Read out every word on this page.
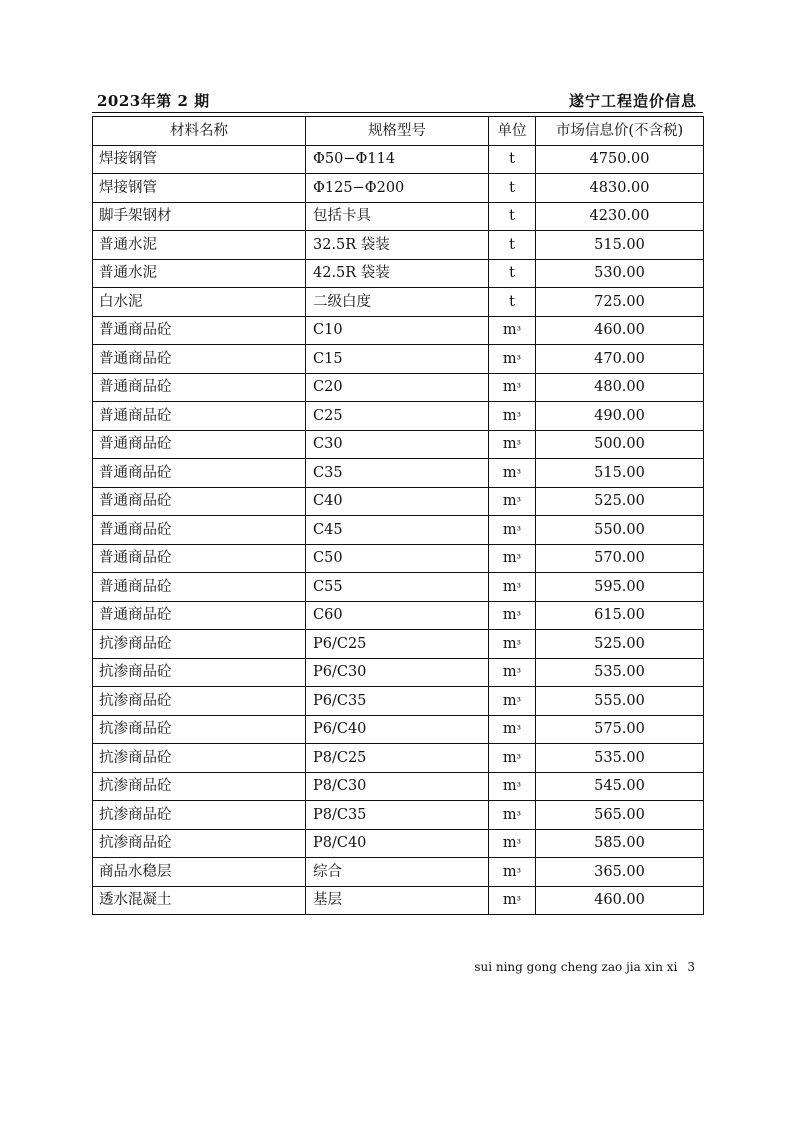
2023年第 2 期	遂宁工程造价信息
材料名称	规格型号	单位	市场信息价(不含税)
焊接钢管	Φ50−Φ114	t	4750.00
焊接钢管	Φ125−Φ200	t	4830.00
脚手架钢材	包括卡具	t	4230.00
普通水泥	32.5R 袋装	t	515.00
普通水泥	42.5R 袋装	t	530.00
白水泥	二级白度	t	725.00
普通商品砼	C10	m³	460.00
普通商品砼	C15	m³	470.00
普通商品砼	C20	m³	480.00
普通商品砼	C25	m³	490.00
普通商品砼	C30	m³	500.00
普通商品砼	C35	m³	515.00
普通商品砼	C40	m³	525.00
普通商品砼	C45	m³	550.00
普通商品砼	C50	m³	570.00
普通商品砼	C55	m³	595.00
普通商品砼	C60	m³	615.00
抗渗商品砼	P6/C25	m³	525.00
抗渗商品砼	P6/C30	m³	535.00
抗渗商品砼	P6/C35	m³	555.00
抗渗商品砼	P6/C40	m³	575.00
抗渗商品砼	P8/C25	m³	535.00
抗渗商品砼	P8/C30	m³	545.00
抗渗商品砼	P8/C35	m³	565.00
抗渗商品砼	P8/C40	m³	585.00
商品水稳层	综合	m³	365.00
透水混凝土	基层	m³	460.00
sui ning gong cheng zao jia xin xi 3
